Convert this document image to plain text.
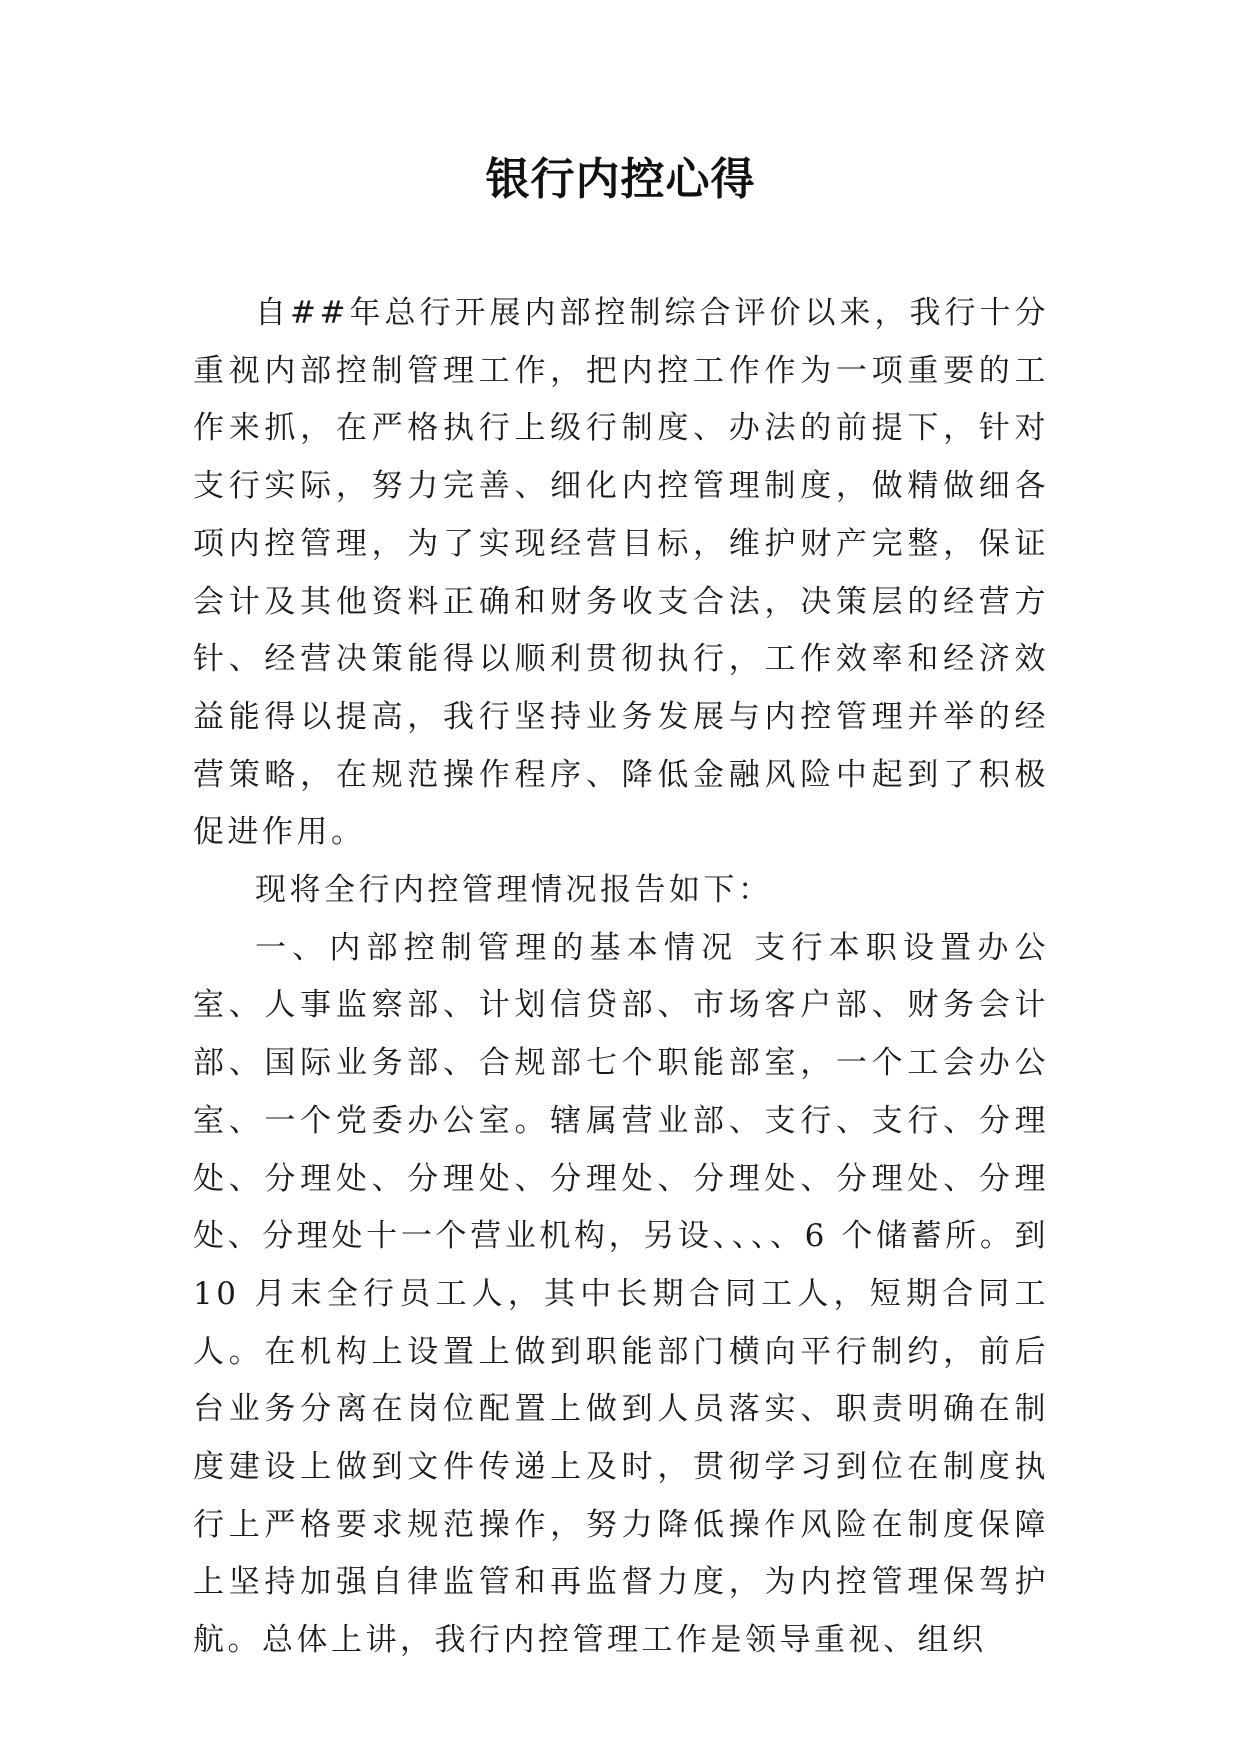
银行内控心得

自##年总行开展内部控制综合评价以来，我行十分重视内部控制管理工作，把内控工作作为一项重要的工作来抓，在严格执行上级行制度、办法的前提下，针对支行实际，努力完善、细化内控管理制度，做精做细各项内控管理，为了实现经营目标，维护财产完整，保证会计及其他资料正确和财务收支合法，决策层的经营方针、经营决策能得以顺利贯彻执行，工作效率和经济效益能得以提高，我行坚持业务发展与内控管理并举的经营策略，在规范操作程序、降低金融风险中起到了积极促进作用。

现将全行内控管理情况报告如下：

一、内部控制管理的基本情况 支行本职设置办公室、人事监察部、计划信贷部、市场客户部、财务会计部、国际业务部、合规部七个职能部室，一个工会办公室、一个党委办公室。辖属营业部、支行、支行、分理处、分理处、分理处、分理处、分理处、分理处、分理处、分理处十一个营业机构，另设、、、、6 个储蓄所。到 10 月末全行员工人，其中长期合同工人，短期合同工人。在机构上设置上做到职能部门横向平行制约，前后台业务分离在岗位配置上做到人员落实、职责明确在制度建设上做到文件传递上及时，贯彻学习到位在制度执行上严格要求规范操作，努力降低操作风险在制度保障上坚持加强自律监管和再监督力度，为内控管理保驾护航。总体上讲，我行内控管理工作是领导重视、组织
